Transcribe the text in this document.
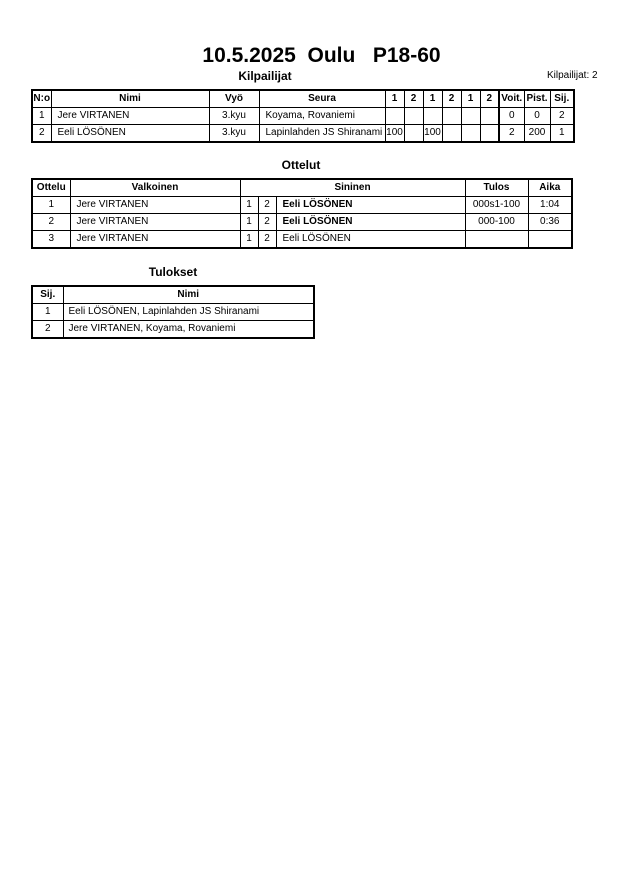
10.5.2025  Oulu   P18-60
Kilpailijat	Kilpailijat: 2
N:o	Nimi	Vyö	Seura	1	2	1	2	1	2	Voit.	Pist.	Sij.
1	Jere VIRTANEN	3.kyu	Koyama, Rovaniemi							0	0	2
2	Eeli LÖSÖNEN	3.kyu	Lapinlahden JS Shiranami	100		100				2	200	1
Ottelut
Ottelu	Valkoinen	Sininen			Tulos	Aika
1	Jere VIRTANEN	1	2	Eeli LÖSÖNEN	000s1-100	1:04
2	Jere VIRTANEN	1	2	Eeli LÖSÖNEN	000-100	0:36
3	Jere VIRTANEN	1	2	Eeli LÖSÖNEN		
Tulokset
Sij.	Nimi
1	Eeli LÖSÖNEN, Lapinlahden JS Shiranami
2	Jere VIRTANEN, Koyama, Rovaniemi
